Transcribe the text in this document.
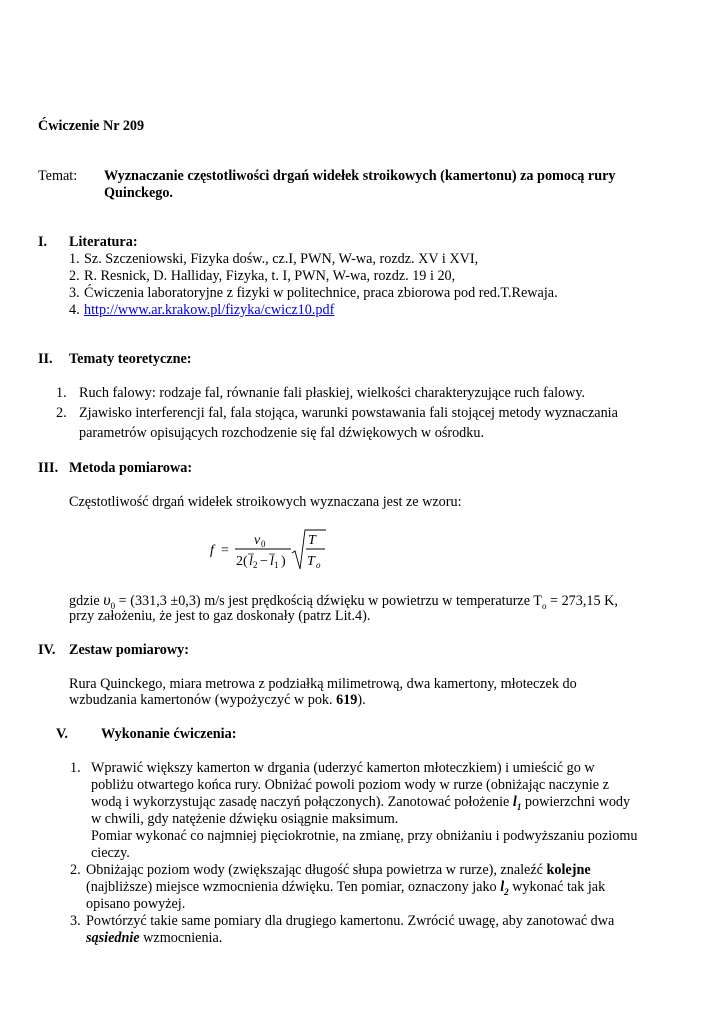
Ćwiczenie Nr 209
Temat: Wyznaczanie częstotliwości drgań widełek stroikowych (kamertonu) za pomocą rury
Quinckego.
I. Literatura:
1. Sz. Szczeniowski, Fizyka dośw., cz.I, PWN, W-wa, rozdz. XV i XVI,
2. R. Resnick, D. Halliday, Fizyka, t. I, PWN, W-wa, rozdz. 19 i 20,
3. Ćwiczenia laboratoryjne z fizyki w politechnice, praca zbiorowa pod red.T.Rewaja.
4. http://www.ar.krakow.pl/fizyka/cwicz10.pdf
II. Tematy teoretyczne:
1. Ruch falowy: rodzaje fal, równanie fali płaskiej, wielkości charakteryzujące ruch falowy.
2. Zjawisko interferencji fal, fala stojąca, warunki powstawania fali stojącej metody wyznaczania
parametrów opisujących rozchodzenie się fal dźwiękowych w ośrodku.
III. Metoda pomiarowa:
Częstotliwość drgań widełek stroikowych wyznaczana jest ze wzoru:
f =
v 0
2( l 2 − l 1 )
T
T o
gdzie $\upsilon_0 = (331,3 \pm 0,3)$ m/s jest prędkością dźwięku w powietrzu w temperaturze $T_o = 273,15$ K,
przy założeniu, że jest to gaz doskonały (patrz Lit.4).
IV. Zestaw pomiarowy:
Rura Quinckego, miara metrowa z podziałką milimetrową, dwa kamertony, młoteczek do
wzbudzania kamertonów (wypożyczyć w pok. 619).
V. Wykonanie ćwiczenia:
1. Wprawić większy kamerton w drgania (uderzyć kamerton młoteczkiem) i umieścić go w
pobliżu otwartego końca rury. Obniżać powoli poziom wody w rurze (obniżając naczynie z
wodą i wykorzystując zasadę naczyń połączonych). Zanotować położenie $l_1$ powierzchni wody
w chwili, gdy natężenie dźwięku osiągnie maksimum.
Pomiar wykonać co najmniej pięciokrotnie, na zmianę, przy obniżaniu i podwyższaniu poziomu
cieczy.
2. Obniżając poziom wody (zwiększając długość słupa powietrza w rurze), znaleźć kolejne
(najbliższe) miejsce wzmocnienia dźwięku. Ten pomiar, oznaczony jako $l_2$ wykonać tak jak
opisano powyżej.
3. Powtórzyć takie same pomiary dla drugiego kamertonu. Zwrócić uwagę, aby zanotować dwa
sąsiednie wzmocnienia.
